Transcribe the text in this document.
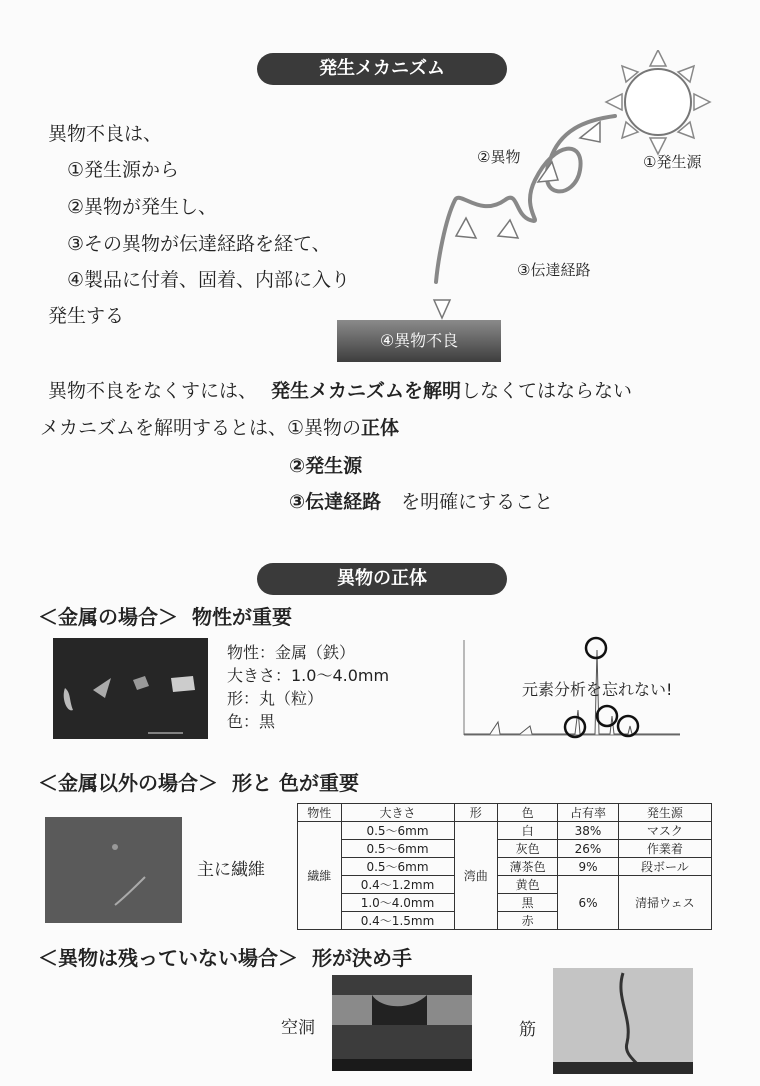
発生メカニズム
異物不良は、
①発生源から
②異物が発生し、
③その異物が伝達経路を経て、
④製品に付着、固着、内部に入り
発生する
①発生源
②異物
③伝達経路
④異物不良
異物不良をなくすには、 発生メカニズムを解明しなくてはならない
メカニズムを解明するとは、①異物の正体
②発生源
③伝達経路 を明確にすること
異物の正体
＜金属の場合＞ 物性が重要
物性：金属（鉄）
大きさ：1.0〜4.0mm
形：丸（粒）
色：黒
元素分析を忘れない!
＜金属以外の場合＞ 形と 色が重要
主に繊維
物性	大きさ	形	色	占有率	発生源
繊維	0.5〜6mm	湾曲	白	38%	マスク
	0.5〜6mm		灰色	26%	作業着
	0.5〜6mm		薄茶色	9%	段ボール
	0.4〜1.2mm		黄色	6%	清掃ウェス
	1.0〜4.0mm		黒		
	0.4〜1.5mm		赤		
＜異物は残っていない場合＞ 形が決め手
空洞	筋
